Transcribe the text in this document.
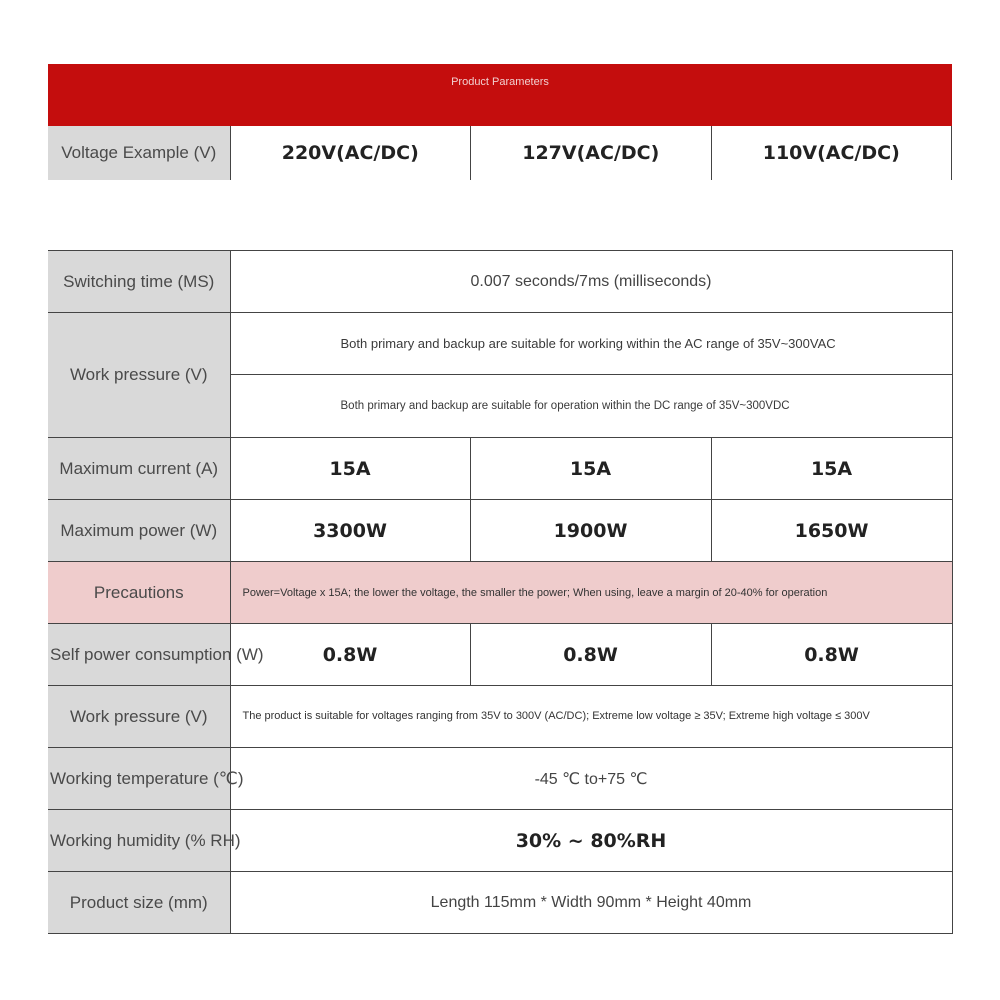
Product Parameters
Voltage Example (V)	220V(AC/DC)	127V(AC/DC)	110V(AC/DC)
Switching time (MS)	0.007 seconds/7ms (milliseconds)		
Work pressure (V)	Both primary and backup are suitable for working within the AC range of 35V~300VAC
Both primary and backup are suitable for operation within the DC range of 35V~300VDC		

Maximum current (A)	15A	15A	15A
Maximum power (W)	3300W	1900W	1650W
Precautions	Power=Voltage x 15A; the lower the voltage, the smaller the power; When using, leave a margin of 20-40% for operation		
Self power consumption (W)	0.8W	0.8W	0.8W
Work pressure (V)	The product is suitable for voltages ranging from 35V to 300V (AC/DC); Extreme low voltage ≥ 35V; Extreme high voltage ≤ 300V		
Working temperature (℃)	-45 ℃ to+75 ℃		
Working humidity (% RH)	30% ~ 80%RH		
Product size (mm)	Length 115mm * Width 90mm * Height 40mm		
